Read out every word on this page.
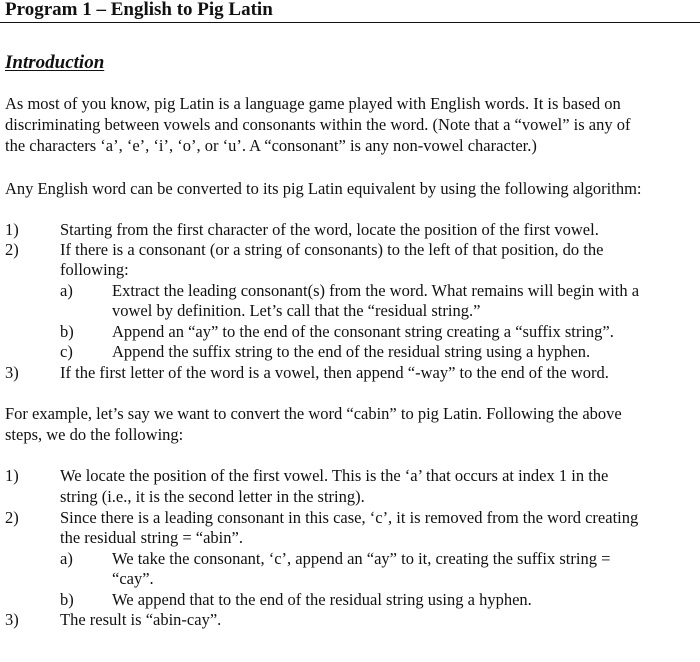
Program 1 – English to Pig Latin
Introduction
As most of you know, pig Latin is a language game played with English words. It is based on
discriminating between vowels and consonants within the word. (Note that a “vowel” is any of
the characters ‘a’, ‘e’, ‘i’, ‘o’, or ‘u’. A “consonant” is any non-vowel character.)
Any English word can be converted to its pig Latin equivalent by using the following algorithm:
1)	Starting from the first character of the word, locate the position of the first vowel.
2)	If there is a consonant (or a string of consonants) to the left of that position, do the
following:
a) Extract the leading consonant(s) from the word. What remains will begin with a
vowel by definition. Let’s call that the “residual string.”
b) Append an “ay” to the end of the consonant string creating a “suffix string”.
c) Append the suffix string to the end of the residual string using a hyphen.
3)	If the first letter of the word is a vowel, then append “-way” to the end of the word.
For example, let’s say we want to convert the word “cabin” to pig Latin. Following the above
steps, we do the following:
1)	We locate the position of the first vowel. This is the ‘a’ that occurs at index 1 in the
string (i.e., it is the second letter in the string).
2)	Since there is a leading consonant in this case, ‘c’, it is removed from the word creating
the residual string = “abin”.
a) We take the consonant, ‘c’, append an “ay” to it, creating the suffix string =
“cay”.
b) We append that to the end of the residual string using a hyphen.
3)	The result is “abin-cay”.
